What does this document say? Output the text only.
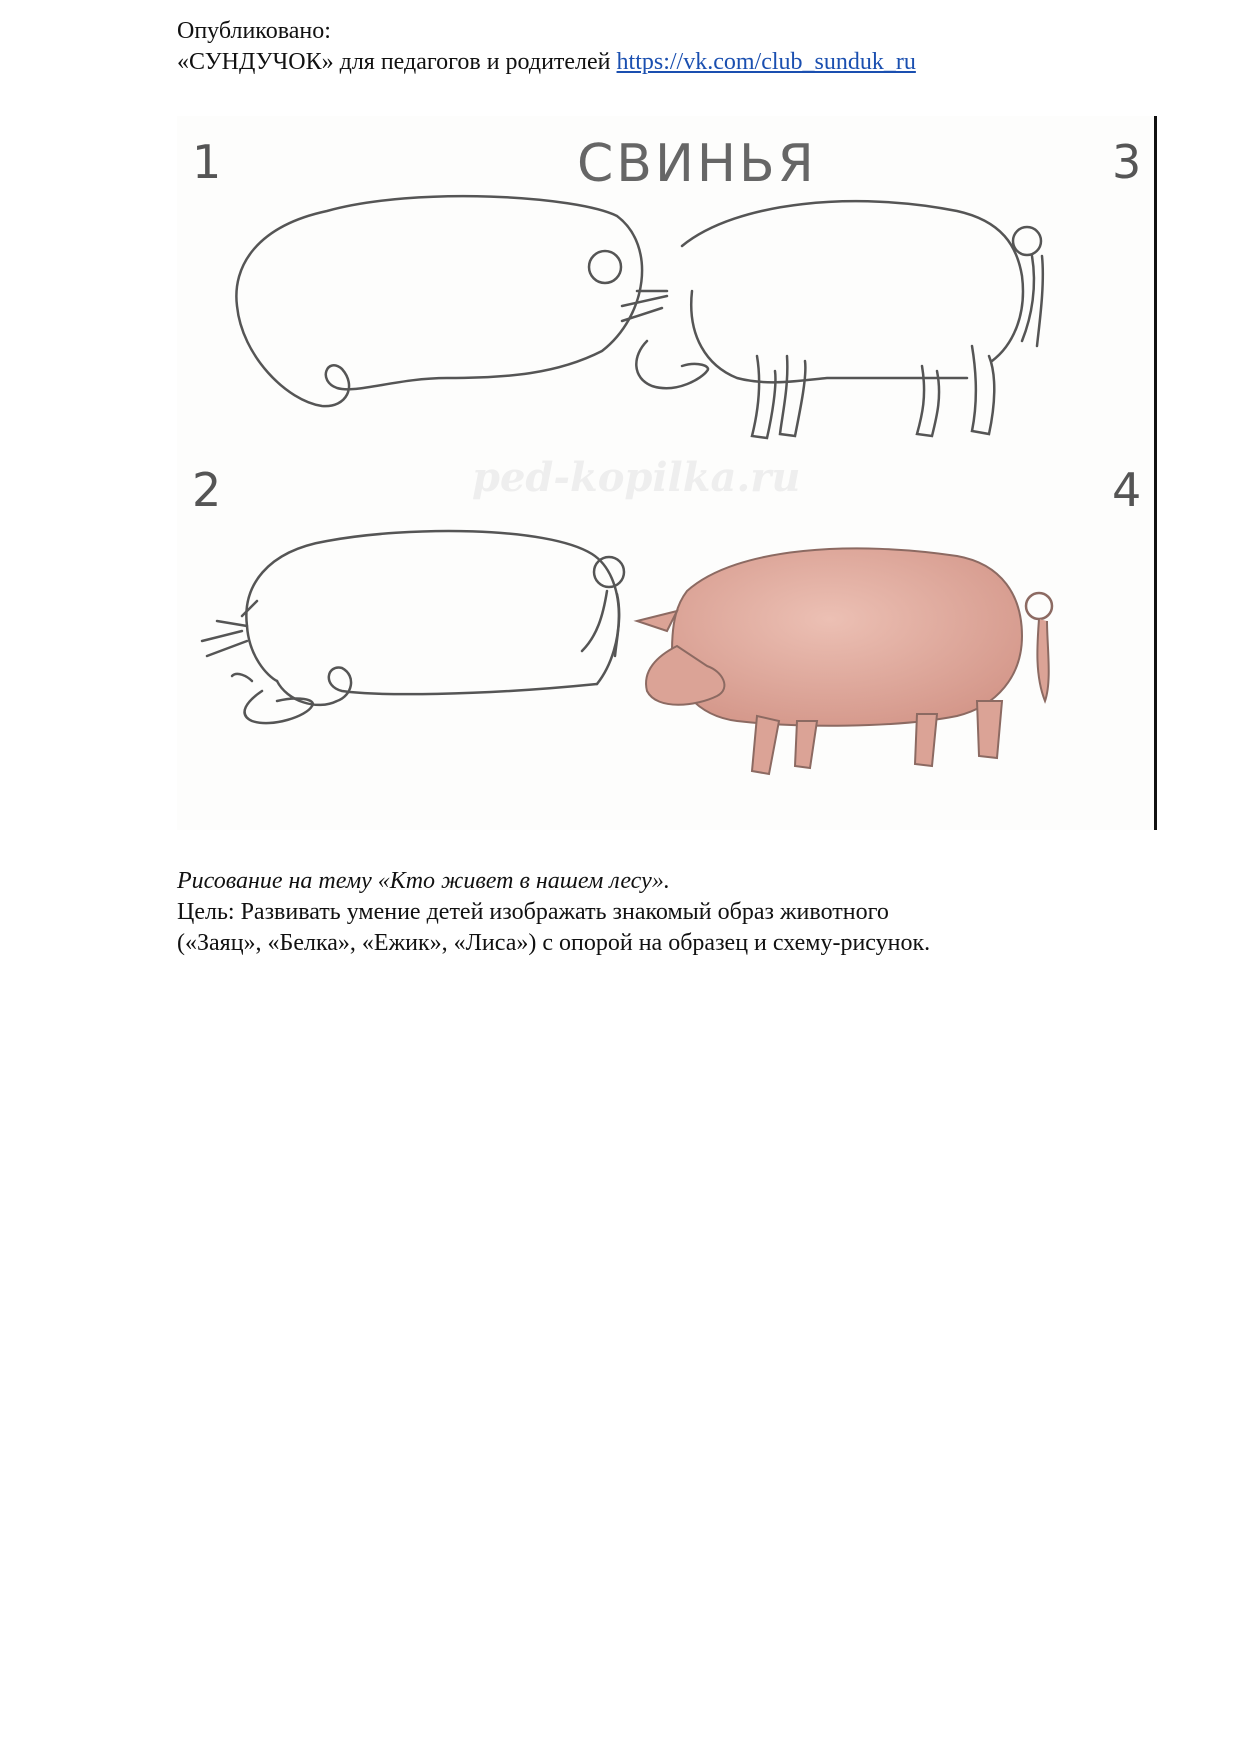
Опубликовано:
«СУНДУЧОК» для педагогов и родителей https://vk.com/club_sunduk_ru
СВИНЬЯ
1
2
3
4
ped-kopilka.ru
Рисование на тему «Кто живет в нашем лесу».
Цель: Развивать умение детей изображать знакомый образ животного
(«Заяц», «Белка», «Ежик», «Лиса») с опорой на образец и схему-рисунок.
